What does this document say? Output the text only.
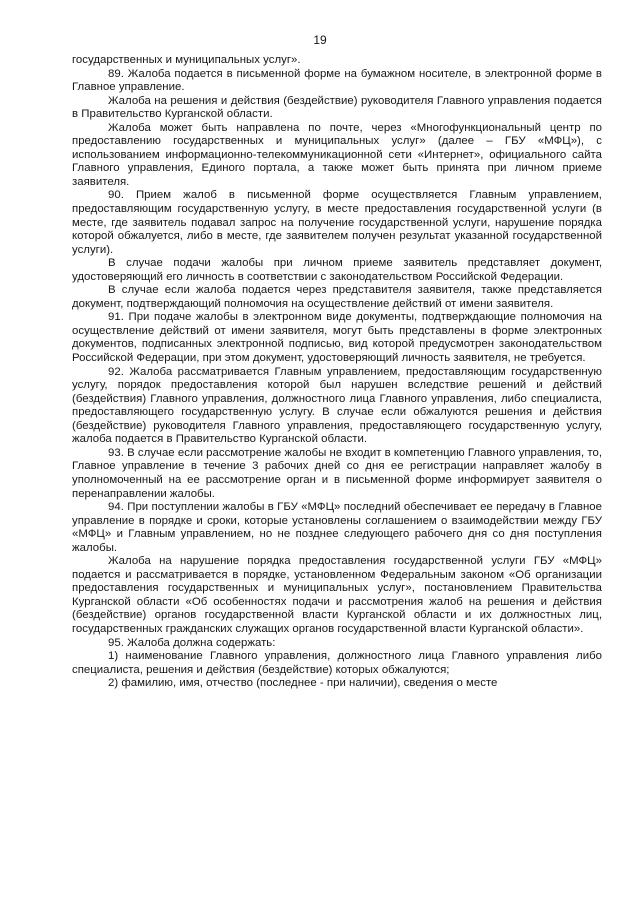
19

государственных и муниципальных услуг».

89. Жалоба подается в письменной форме на бумажном носителе, в электронной форме в Главное управление.

Жалоба на решения и действия (бездействие) руководителя Главного управления подается в Правительство Курганской области.

Жалоба может быть направлена по почте, через «Многофункциональный центр по предоставлению государственных и муниципальных услуг» (далее – ГБУ «МФЦ»), с использованием информационно-телекоммуникационной сети «Интернет», официального сайта Главного управления, Единого портала, а также может быть принята при личном приеме заявителя.

90. Прием жалоб в письменной форме осуществляется Главным управлением, предоставляющим государственную услугу, в месте предоставления государственной услуги (в месте, где заявитель подавал запрос на получение государственной услуги, нарушение порядка которой обжалуется, либо в месте, где заявителем получен результат указанной государственной услуги).

В случае подачи жалобы при личном приеме заявитель представляет документ, удостоверяющий его личность в соответствии с законодательством Российской Федерации.

В случае если жалоба подается через представителя заявителя, также представляется документ, подтверждающий полномочия на осуществление действий от имени заявителя.

91. При подаче жалобы в электронном виде документы, подтверждающие полномочия на осуществление действий от имени заявителя, могут быть представлены в форме электронных документов, подписанных электронной подписью, вид которой предусмотрен законодательством Российской Федерации, при этом документ, удостоверяющий личность заявителя, не требуется.

92. Жалоба рассматривается Главным управлением, предоставляющим государственную услугу, порядок предоставления которой был нарушен вследствие решений и действий (бездействия) Главного управления, должностного лица Главного управления, либо специалиста, предоставляющего государственную услугу. В случае если обжалуются решения и действия (бездействие) руководителя Главного управления, предоставляющего государственную услугу, жалоба подается в Правительство Курганской области.

93. В случае если рассмотрение жалобы не входит в компетенцию Главного управления, то, Главное управление в течение 3 рабочих дней со дня ее регистрации направляет жалобу в уполномоченный на ее рассмотрение орган и в письменной форме информирует заявителя о перенаправлении жалобы.

94. При поступлении жалобы в ГБУ «МФЦ» последний обеспечивает ее передачу в Главное управление в порядке и сроки, которые установлены соглашением о взаимодействии между ГБУ «МФЦ» и Главным управлением, но не позднее следующего рабочего дня со дня поступления жалобы.

Жалоба на нарушение порядка предоставления государственной услуги ГБУ «МФЦ» подается и рассматривается в порядке, установленном Федеральным законом «Об организации предоставления государственных и муниципальных услуг», постановлением Правительства Курганской области «Об особенностях подачи и рассмотрения жалоб на решения и действия (бездействие) органов государственной власти Курганской области и их должностных лиц, государственных гражданских служащих органов государственной власти Курганской области».

95. Жалоба должна содержать:

1) наименование Главного управления, должностного лица Главного управления либо специалиста, решения и действия (бездействие) которых обжалуются;

2) фамилию, имя, отчество (последнее - при наличии), сведения о месте
